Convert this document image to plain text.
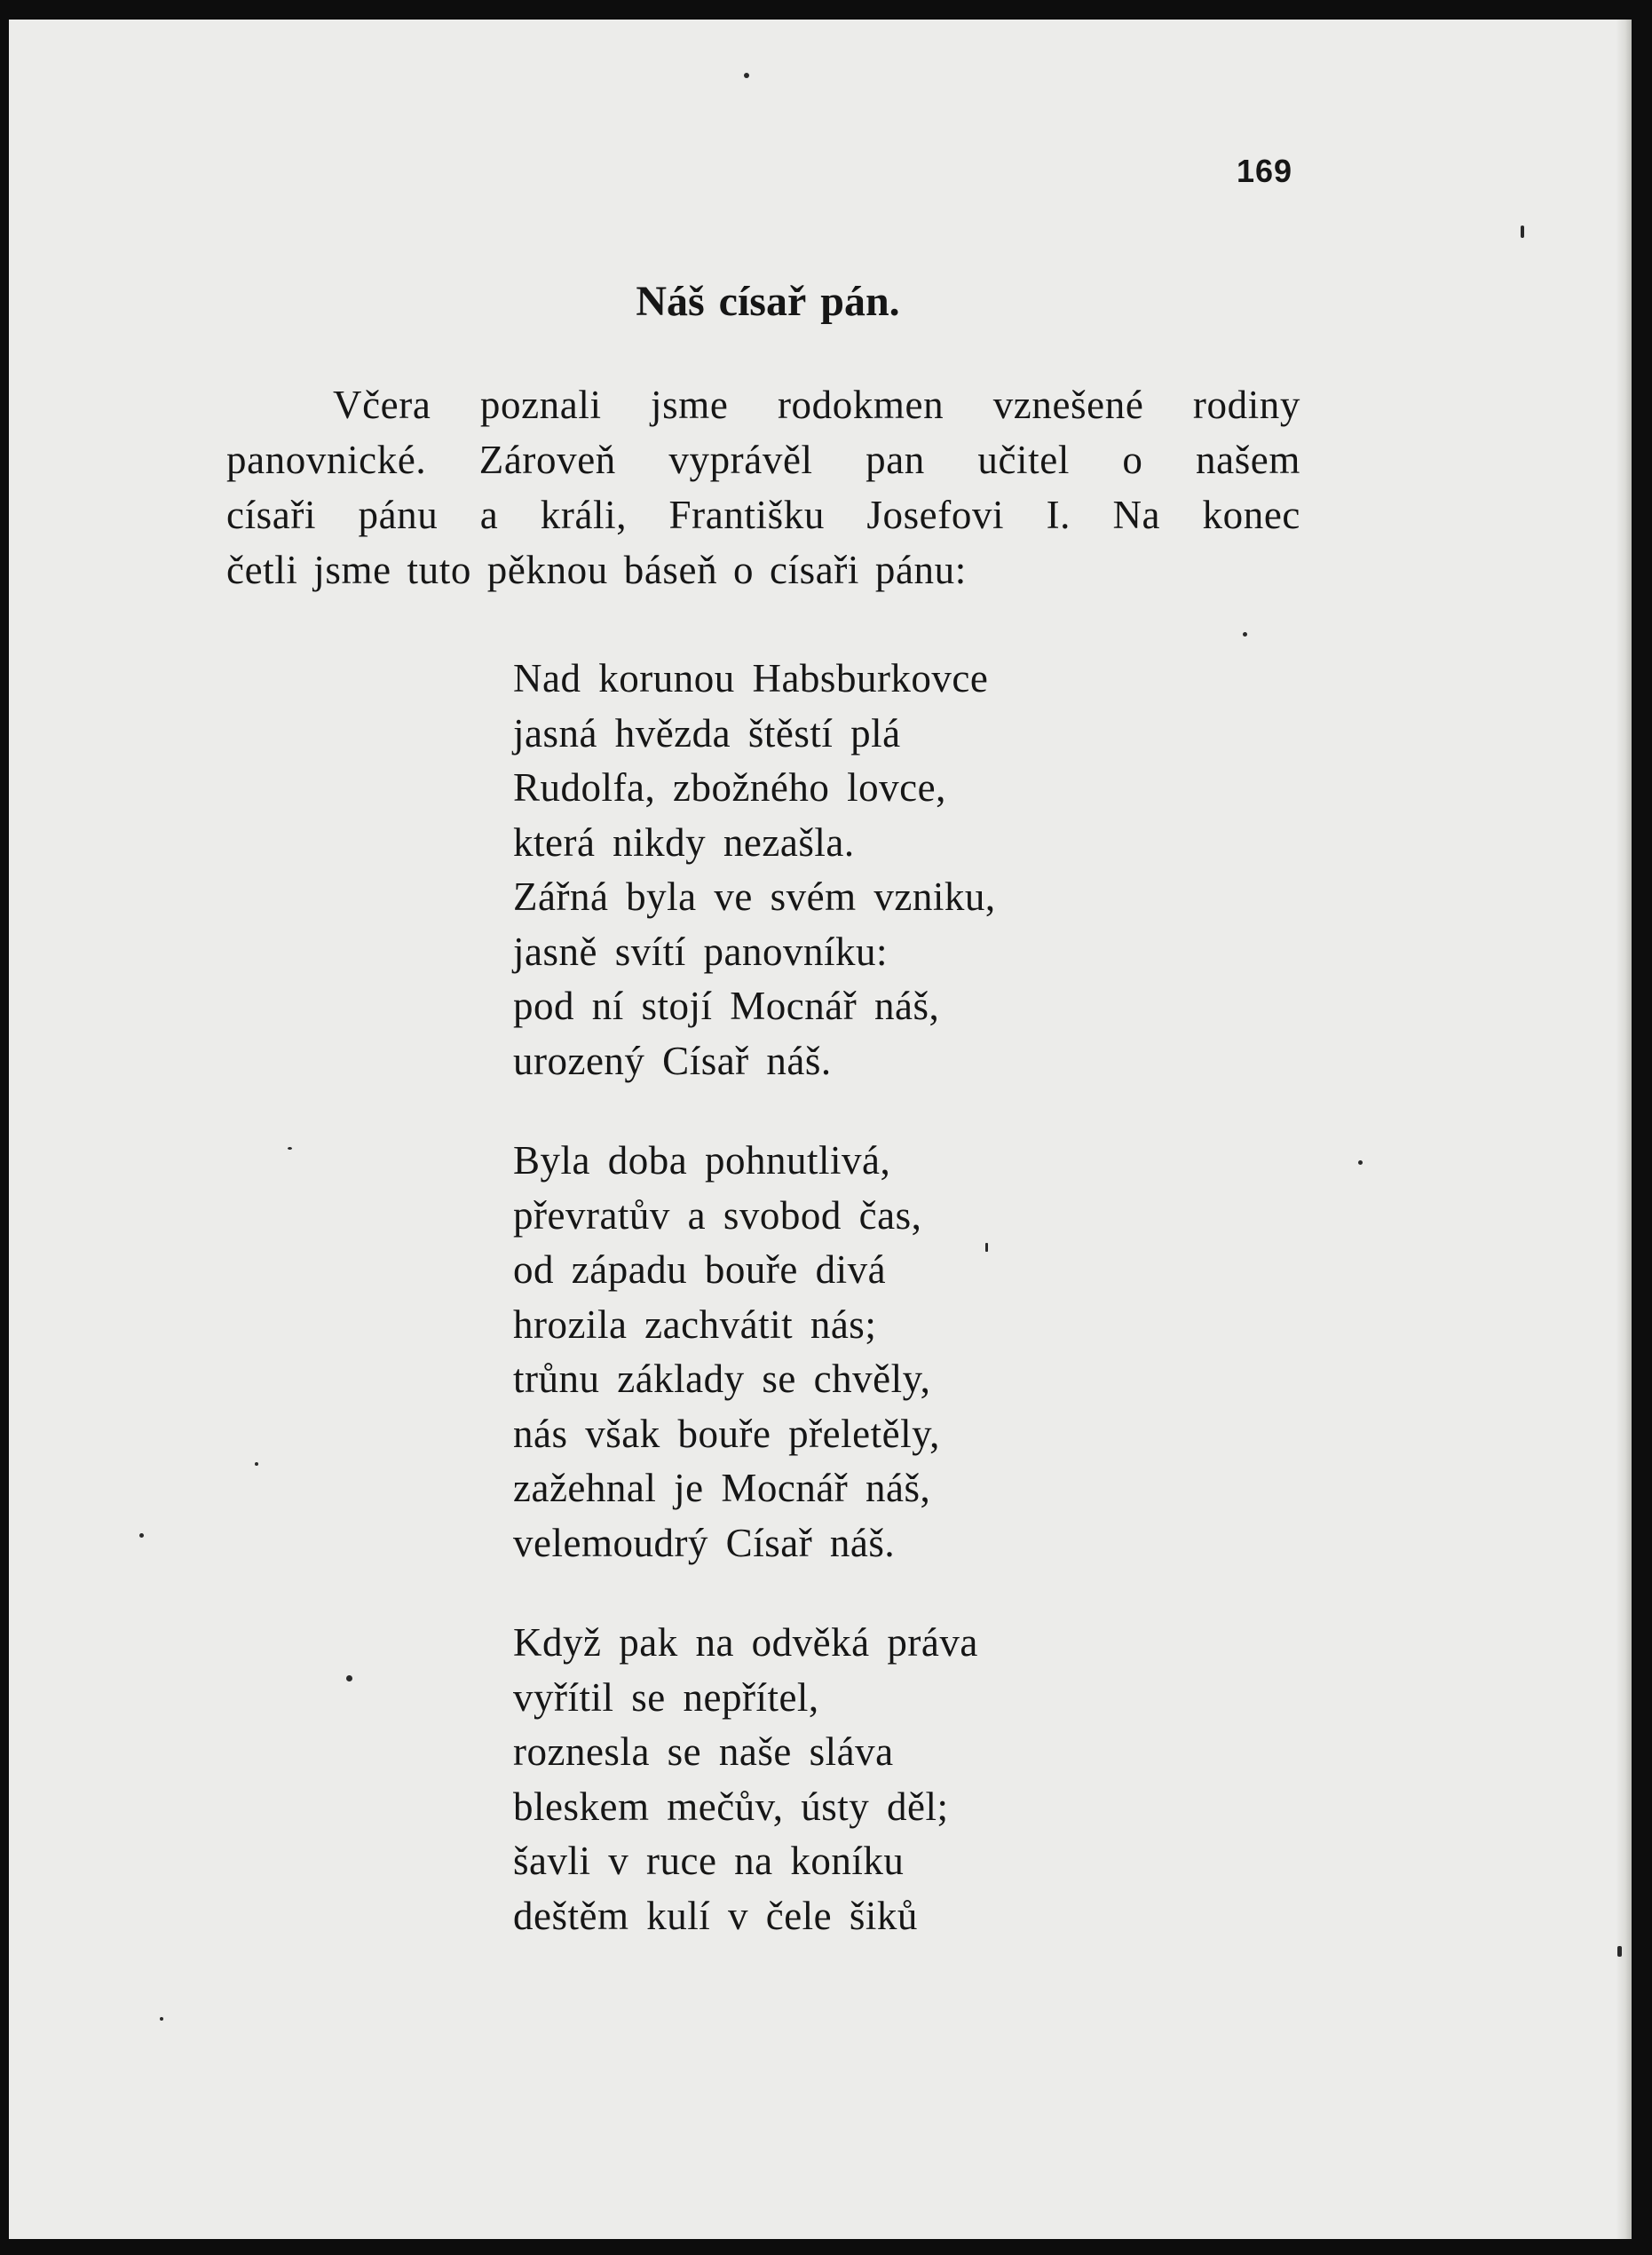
169
Náš císař pán.
Včera poznali jsme rodokmen vznešené rodiny
panovnické. Zároveň vyprávěl pan učitel o našem
císaři pánu a králi, Františku Josefovi I. Na konec
četli jsme tuto pěknou báseň o císaři pánu:
Nad korunou Habsburkovce
jasná hvězda štěstí plá
Rudolfa, zbožného lovce,
která nikdy nezašla.
Zářná byla ve svém vzniku,
jasně svítí panovníku:
pod ní stojí Mocnář náš,
urozený Císař náš.
Byla doba pohnutlivá,
převratův a svobod čas,
od západu bouře divá
hrozila zachvátit nás;
trůnu základy se chvěly,
nás však bouře přeletěly,
zažehnal je Mocnář náš,
velemoudrý Císař náš.
Když pak na odvěká práva
vyřítil se nepřítel,
roznesla se naše sláva
bleskem mečův, ústy děl;
šavli v ruce na koníku
deštěm kulí v čele šiků
